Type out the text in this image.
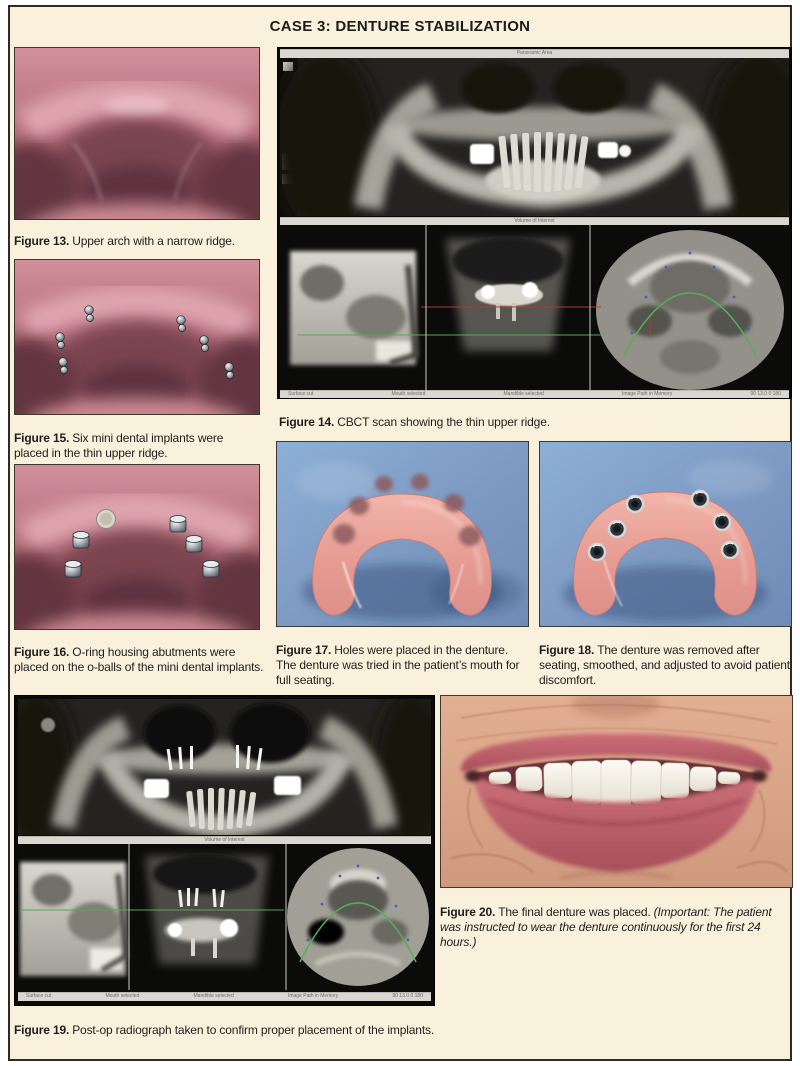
CASE 3: DENTURE STABILIZATION

Figure 13. Upper arch with a narrow ridge.

Panoramic Area
Volume of Interest
Surface cut	Mouth selected	Mandible selected	Image Path in Memory	90 13.0 0 180

Figure 14. CBCT scan showing the thin upper ridge.

Figure 15. Six mini dental implants were placed in the thin upper ridge.

Figure 16. O-ring housing abutments were placed on the o-balls of the mini dental implants.

Figure 17. Holes were placed in the denture. The denture was tried in the patient’s mouth for full seating.

Figure 18. The denture was removed after seating, smoothed, and adjusted to avoid patient discomfort.

Volume of Interest
Surface cut	Mouth selected	Mandible selected	Image Path in Memory	90 13.0 0 180

Figure 19. Post-op radiograph taken to confirm proper placement of the implants.

Figure 20. The final denture was placed. (Important: The patient was instructed to wear the denture continuously for the first 24 hours.)
